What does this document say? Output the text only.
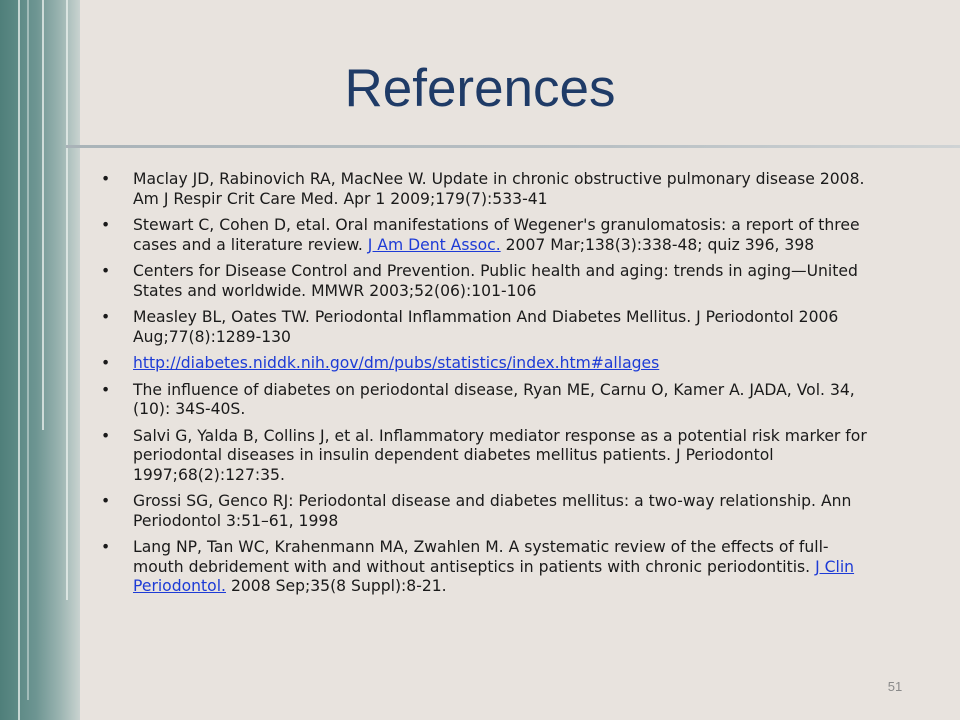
References
• Maclay JD, Rabinovich RA, MacNee W. Update in chronic obstructive pulmonary disease 2008. Am J Respir Crit Care Med. Apr 1 2009;179(7):533-41
• Stewart C, Cohen D, etal. Oral manifestations of Wegener's granulomatosis: a report of three cases and a literature review. J Am Dent Assoc. 2007 Mar;138(3):338-48; quiz 396, 398
• Centers for Disease Control and Prevention. Public health and aging: trends in aging—United States and worldwide. MMWR 2003;52(06):101-106
• Measley BL, Oates TW. Periodontal Inflammation And Diabetes Mellitus. J Periodontol 2006 Aug;77(8):1289-130
• http://diabetes.niddk.nih.gov/dm/pubs/statistics/index.htm#allages
• The influence of diabetes on periodontal disease, Ryan ME, Carnu O, Kamer A. JADA, Vol. 34, (10): 34S-40S.
• Salvi G, Yalda B, Collins J, et al. Inflammatory mediator response as a potential risk marker for periodontal diseases in insulin dependent diabetes mellitus patients. J Periodontol 1997;68(2):127:35.
• Grossi SG, Genco RJ: Periodontal disease and diabetes mellitus: a two-way relationship. Ann Periodontol 3:51–61, 1998
• Lang NP, Tan WC, Krahenmann MA, Zwahlen M. A systematic review of the effects of full-mouth debridement with and without antiseptics in patients with chronic periodontitis. J Clin Periodontol. 2008 Sep;35(8 Suppl):8-21.
51
